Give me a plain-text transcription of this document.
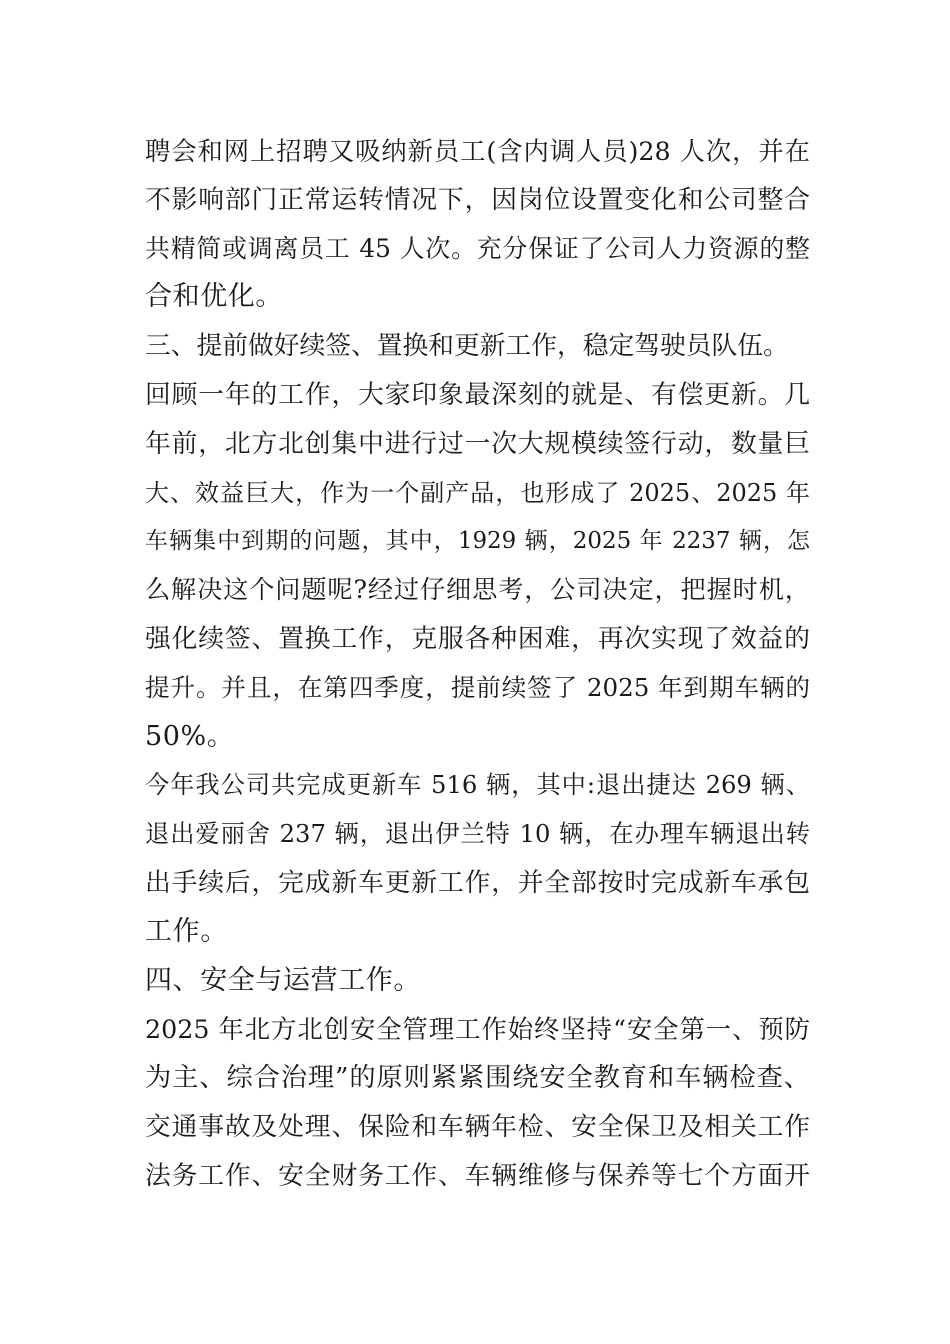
聘会和网上招聘又吸纳新员工(含内调人员)28 人次，并在
不影响部门正常运转情况下，因岗位设置变化和公司整合
共精简或调离员工 45 人次。充分保证了公司人力资源的整
合和优化。
三、提前做好续签、置换和更新工作，稳定驾驶员队伍。
回顾一年的工作，大家印象最深刻的就是、有偿更新。几
年前，北方北创集中进行过一次大规模续签行动，数量巨
大、效益巨大，作为一个副产品，也形成了 2025、2025 年
车辆集中到期的问题，其中，1929 辆，2025 年 2237 辆，怎
么解决这个问题呢?经过仔细思考，公司决定，把握时机，
强化续签、置换工作，克服各种困难，再次实现了效益的
提升。并且，在第四季度，提前续签了 2025 年到期车辆的
50%。
今年我公司共完成更新车 516 辆，其中:退出捷达 269 辆、
退出爱丽舍 237 辆，退出伊兰特 10 辆，在办理车辆退出转
出手续后，完成新车更新工作，并全部按时完成新车承包
工作。
四、安全与运营工作。
2025 年北方北创安全管理工作始终坚持“安全第一、预防
为主、综合治理”的原则紧紧围绕安全教育和车辆检查、
交通事故及处理、保险和车辆年检、安全保卫及相关工作
法务工作、安全财务工作、车辆维修与保养等七个方面开
